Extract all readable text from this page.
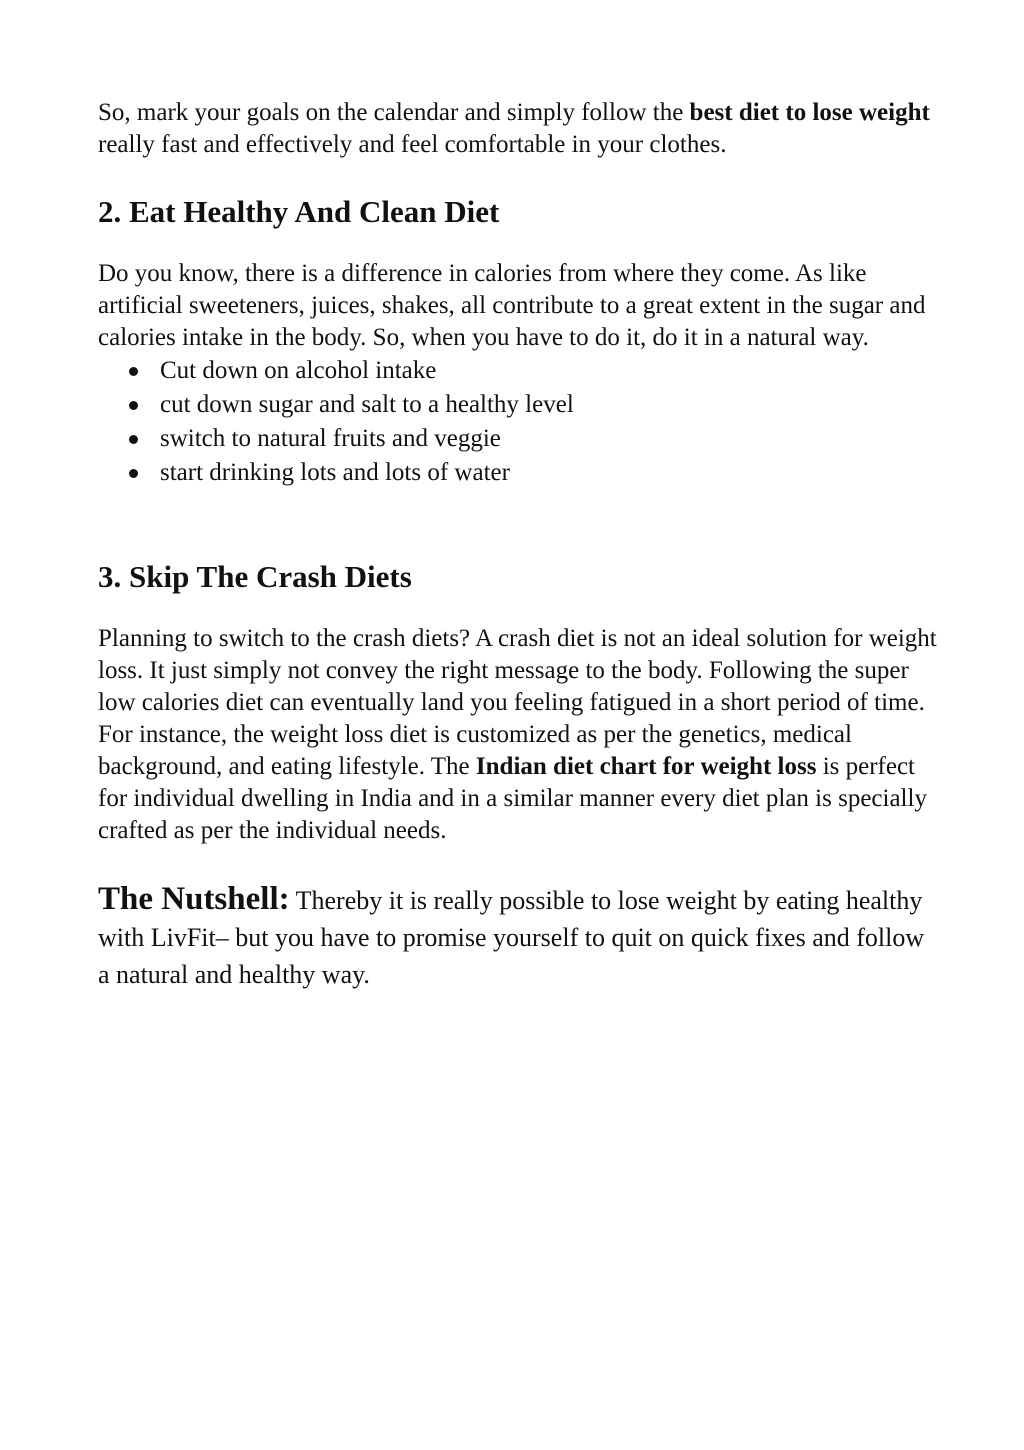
So, mark your goals on the calendar and simply follow the best diet to lose weight really fast and effectively and feel comfortable in your clothes.

2. Eat Healthy And Clean Diet

Do you know, there is a difference in calories from where they come. As like artificial sweeteners, juices, shakes, all contribute to a great extent in the sugar and calories intake in the body. So, when you have to do it, do it in a natural way.

Cut down on alcohol intake
cut down sugar and salt to a healthy level
switch to natural fruits and veggie
start drinking lots and lots of water
3. Skip The Crash Diets

Planning to switch to the crash diets? A crash diet is not an ideal solution for weight loss. It just simply not convey the right message to the body. Following the super low calories diet can eventually land you feeling fatigued in a short period of time.

For instance, the weight loss diet is customized as per the genetics, medical background, and eating lifestyle. The Indian diet chart for weight loss is perfect for individual dwelling in India and in a similar manner every diet plan is specially crafted as per the individual needs.

The Nutshell: Thereby it is really possible to lose weight by eating healthy with LivFit– but you have to promise yourself to quit on quick fixes and follow a natural and healthy way.
